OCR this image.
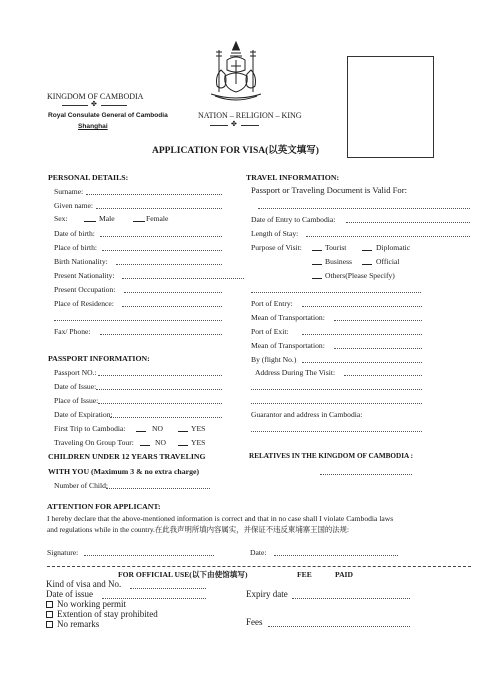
KINGDOM OF CAMBODIA
✤
Royal Consulate General of Cambodia
Shanghai
NATION – RELIGION – KING
✤
APPLICATION FOR VISA(以英文填写)
PERSONAL DETAILS:
Surname:
Given name:
Sex:	Male	Female
Date of birth:
Place of birth:
Birth Nationality:
Present Nationality:
Present Occupation:
Place of Residence:
Fax/ Phone:
PASSPORT INFORMATION:
Passport NO.:
Date of Issue:
Place of Issue:
Date of Expiration:
First Trip to Cambodia:	NO	YES
Traveling On Group Tour:	NO	YES
CHILDREN UNDER 12 YEARS TRAVELING
WITH YOU (Maximum 3 & no extra charge)
Number of Child:
TRAVEL INFORMATION:
Passport or Traveling Document is Valid For:
Date of Entry to Cambodia:
Length of Stay:
Purpose of Visit:	Tourist	Diplomatic
Business	Official
Others(Please Specify)
Port of Entry:
Mean of Transportation:
Port of Exit:
Mean of Transportation:
By (flight No.)
Address During The Visit:
Guarantor and address in Cambodia:
RELATIVES IN THE KINGDOM OF CAMBODIA :
ATTENTION FOR APPLICANT:
I hereby declare that the above-mentioned information is correct and that in no case shall I violate Cambodia laws
and regulations while in the country.在此我声明所填内容属实，并保证不违反柬埔寨王国的法规:
Signature:	Date:
FOR OFFICIAL USE(以下由使馆填写)	FEE	PAID
Kind of visa and No.
Date of issue	Expiry date
No working permit
Extention of stay prohibited
No remarks	Fees
